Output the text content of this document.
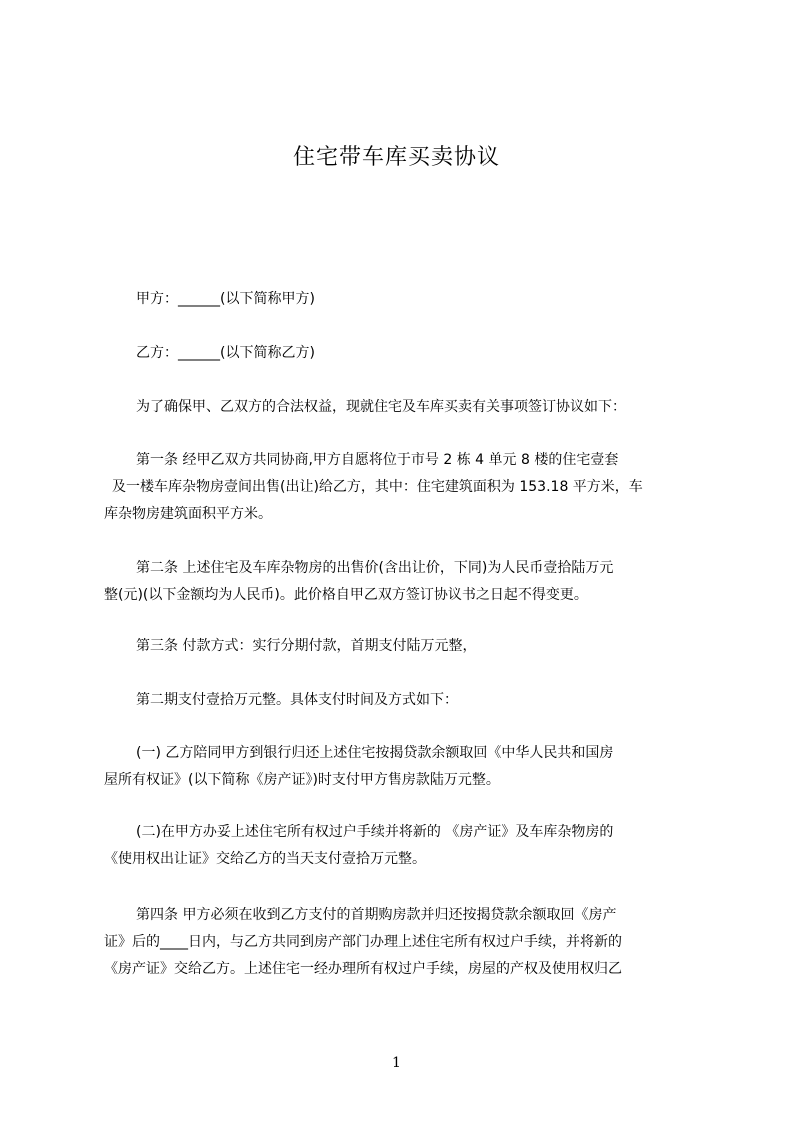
住宅带车库买卖协议
甲方：______(以下简称甲方)
乙方：______(以下简称乙方)
为了确保甲、乙双方的合法权益，现就住宅及车库买卖有关事项签订协议如下：
第一条 经甲乙双方共同协商,甲方自愿将位于市号 2 栋 4 单元 8 楼的住宅壹套
及一楼车库杂物房壹间出售(出让)给乙方，其中：住宅建筑面积为 153.18 平方米，车
库杂物房建筑面积平方米。
第二条 上述住宅及车库杂物房的出售价(含出让价，下同)为人民币壹拾陆万元
整(元)(以下金额均为人民币)。此价格自甲乙双方签订协议书之日起不得变更。
第三条 付款方式：实行分期付款，首期支付陆万元整，
第二期支付壹拾万元整。具体支付时间及方式如下：
(一) 乙方陪同甲方到银行归还上述住宅按揭贷款余额取回《中华人民共和国房
屋所有权证》(以下简称《房产证》)时支付甲方售房款陆万元整。
(二)在甲方办妥上述住宅所有权过户手续并将新的 《房产证》及车库杂物房的
《使用权出让证》交给乙方的当天支付壹拾万元整。
第四条 甲方必须在收到乙方支付的首期购房款并归还按揭贷款余额取回《房产
证》后的____日内，与乙方共同到房产部门办理上述住宅所有权过户手续，并将新的
《房产证》交给乙方。上述住宅一经办理所有权过户手续，房屋的产权及使用权归乙
1
